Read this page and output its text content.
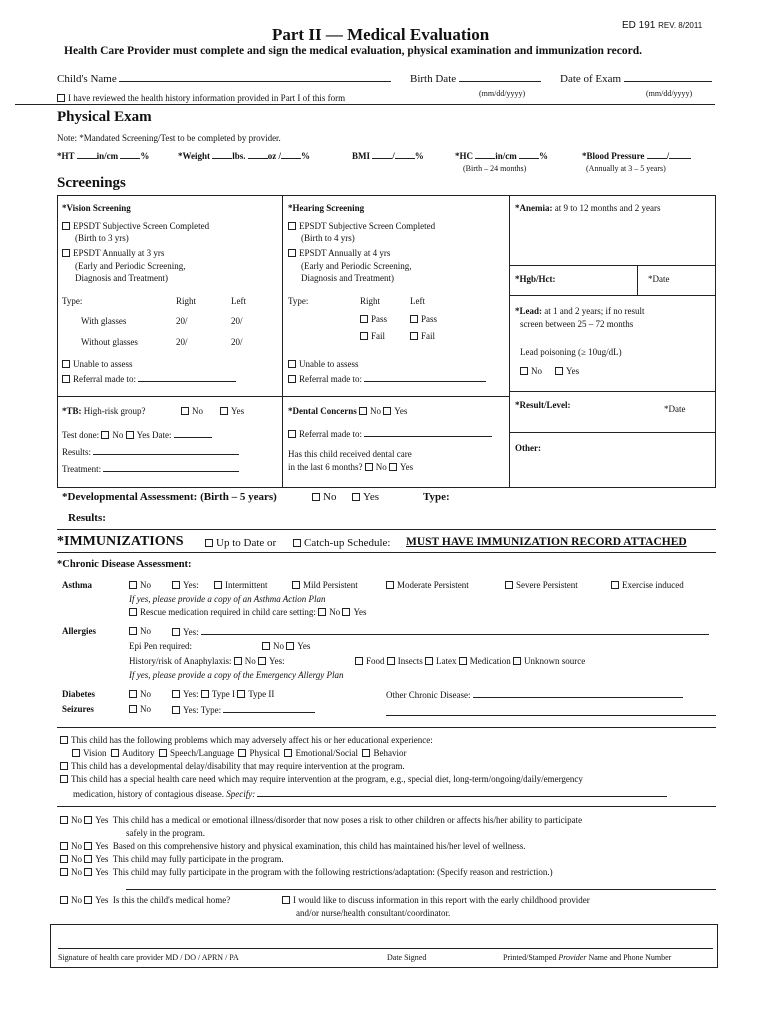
ED 191 REV. 8/2011
Part II — Medical Evaluation
Health Care Provider must complete and sign the medical evaluation, physical examination and immunization record.
Child's Name	Birth Date	Date of Exam
(mm/dd/yyyy)	(mm/dd/yyyy)
I have reviewed the health history information provided in Part I of this form
Physical Exam
Note: *Mandated Screening/Test to be completed by provider.
*HT in/cm %	*Weight lbs. oz / %	BMI / %	*HC in/cm %	*Blood Pressure /
(Birth – 24 months)	(Annually at 3 – 5 years)
Screenings
*Vision Screening
EPSDT Subjective Screen Completed
(Birth to 3 yrs)
EPSDT Annually at 3 yrs
(Early and Periodic Screening,
Diagnosis and Treatment)
Type:	Right	Left
With glasses	20/	20/
Without glasses	20/	20/
Unable to assess
Referral made to:
*Hearing Screening
EPSDT Subjective Screen Completed
(Birth to 4 yrs)
EPSDT Annually at 4 yrs
(Early and Periodic Screening,
Diagnosis and Treatment)
Type:	Right	Left
Pass	Pass
Fail	Fail
Unable to assess
Referral made to:
*Anemia: at 9 to 12 months and 2 years
*Hgb/Hct:	*Date
*Lead: at 1 and 2 years; if no result
screen between 25 – 72 months
Lead poisoning (≥ 10ug/dL)
No	Yes
*Result/Level:	*Date
Other:
*TB: High-risk group?	No	Yes
Test done: No Yes Date:
Results:
Treatment:
*Dental Concerns No Yes
Referral made to:
Has this child received dental care
in the last 6 months? No Yes
*Developmental Assessment: (Birth – 5 years)	No	Yes	Type:
Results:
*IMMUNIZATIONS	Up to Date or	Catch-up Schedule: MUST HAVE IMMUNIZATION RECORD ATTACHED
*Chronic Disease Assessment:
Asthma	No	Yes:	Intermittent	Mild Persistent	Moderate Persistent	Severe Persistent	Exercise induced
If yes, please provide a copy of an Asthma Action Plan
Rescue medication required in child care setting: No Yes
Allergies	No	Yes:
Epi Pen required:	No Yes
History/risk of Anaphylaxis: No Yes:	Food Insects Latex Medication Unknown source
If yes, please provide a copy of the Emergency Allergy Plan
Diabetes	No	Yes: Type I Type II	Other Chronic Disease:
Seizures	No	Yes: Type:
This child has the following problems which may adversely affect his or her educational experience:
Vision Auditory Speech/Language Physical Emotional/Social Behavior
This child has a developmental delay/disability that may require intervention at the program.
This child has a special health care need which may require intervention at the program, e.g., special diet, long-term/ongoing/daily/emergency
medication, history of contagious disease. Specify:
No Yes This child has a medical or emotional illness/disorder that now poses a risk to other children or affects his/her ability to participate
safely in the program.
No Yes Based on this comprehensive history and physical examination, this child has maintained his/her level of wellness.
No Yes This child may fully participate in the program.
No Yes This child may fully participate in the program with the following restrictions/adaptation: (Specify reason and restriction.)
No Yes Is this the child's medical home?	I would like to discuss information in this report with the early childhood provider
and/or nurse/health consultant/coordinator.
Signature of health care provider MD / DO / APRN / PA	Date Signed	Printed/Stamped Provider Name and Phone Number
